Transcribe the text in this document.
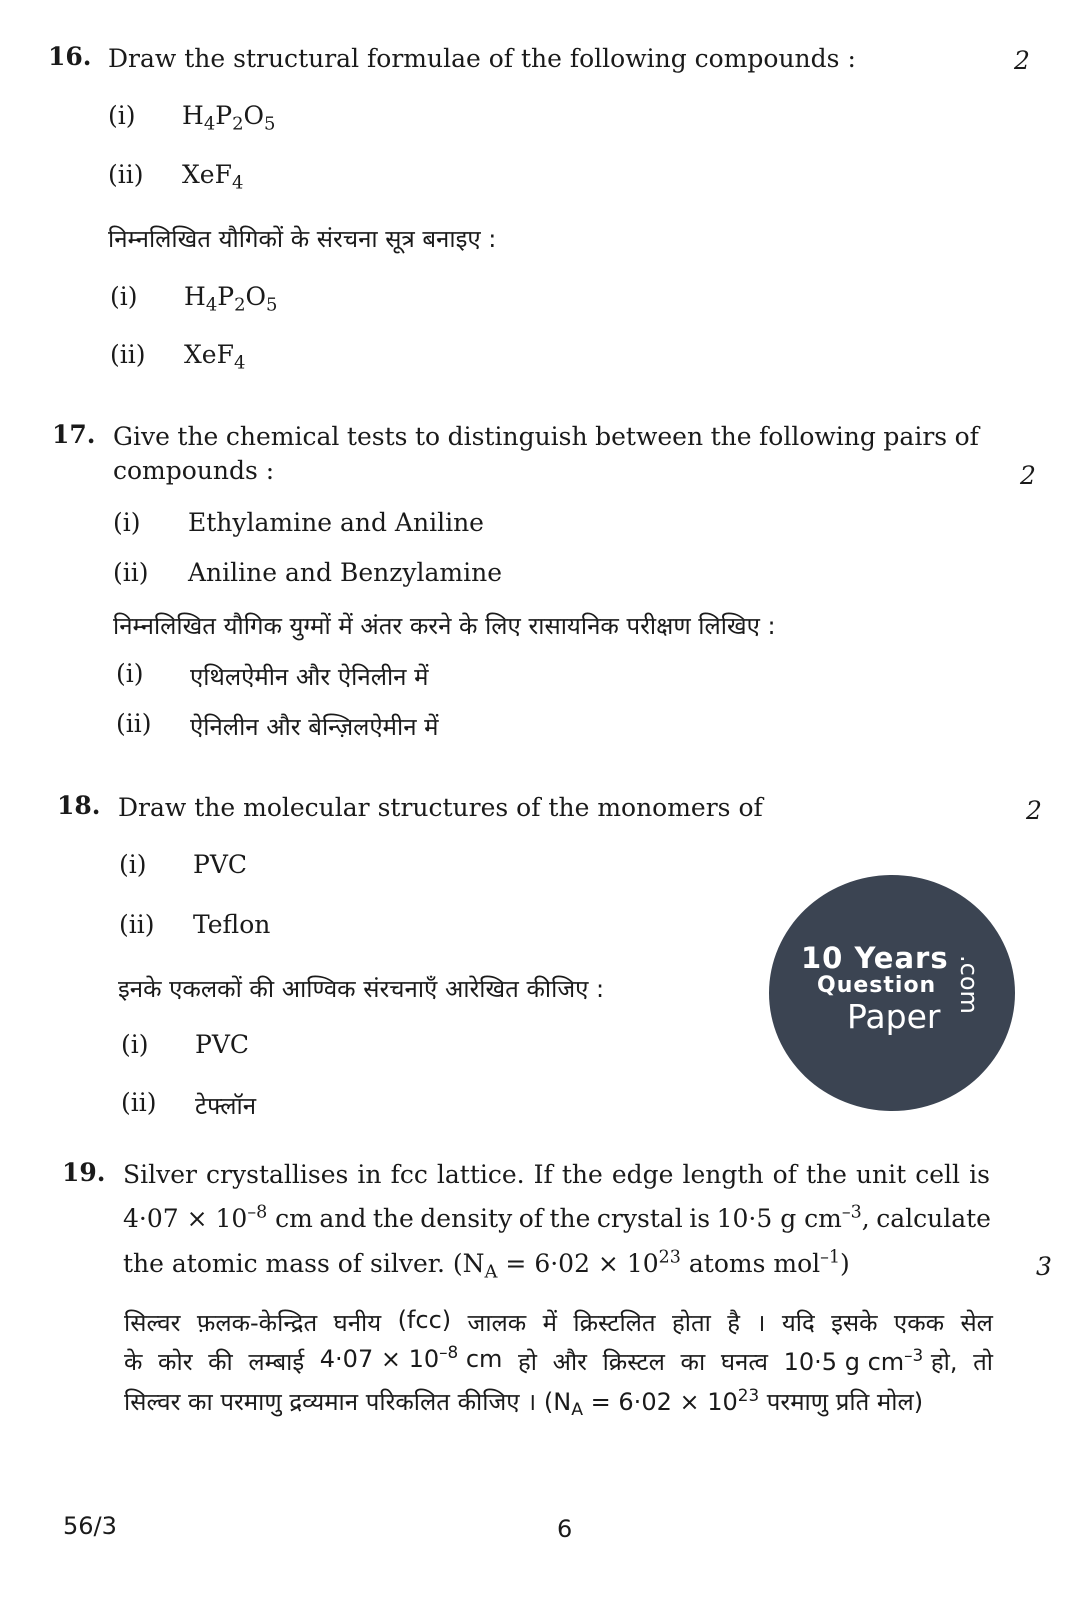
16. Draw the structural formulae of the following compounds :	2
(i) $H_4P_2O_5$
(ii) XeF$_4$
निम्नलिखित यौगिकों के संरचना सूत्र बनाइए :
(i) $H_4P_2O_5$
(ii) XeF$_4$
17. Give the chemical tests to distinguish between the following pairs of
compounds :	2
(i) Ethylamine and Aniline
(ii) Aniline and Benzylamine
निम्नलिखित यौगिक युग्मों में अंतर करने के लिए रासायनिक परीक्षण लिखिए :
(i) एथिलऐमीन और ऐनिलीन में
(ii) ऐनिलीन और बेन्ज़िलऐमीन में
18. Draw the molecular structures of the monomers of	2
(i) PVC
(ii) Teflon
इनके एकलकों की आण्विक संरचनाएँ आरेखित कीजिए :
(i) PVC
(ii) टेफ्लॉन
10 Years
Question
Paper
.com
19. Silver crystallises in fcc lattice. If the edge length of the unit cell is
$4\cdot 07 \times 10^{-8}$ cm and the density of the crystal is 10·5 g $cm^{-3}$, calculate
the atomic mass of silver. ($N_A = 6\cdot 02 \times 10^{23}$ atoms mol$^{-1}$)	3
सिल्वर फ़लक-केन्द्रित घनीय (fcc) जालक में क्रिस्टलित होता है । यदि इसके एकक सेल
के कोर की लम्बाई $4\cdot 07 \times 10^{-8}$ cm हो और क्रिस्टल का घनत्व 10·5 g $cm^{-3}$ हो, तो
सिल्वर का परमाणु द्रव्यमान परिकलित कीजिए । ($N_A = 6\cdot 02 \times 10^{23}$ परमाणु प्रति मोल)
56/3	6
